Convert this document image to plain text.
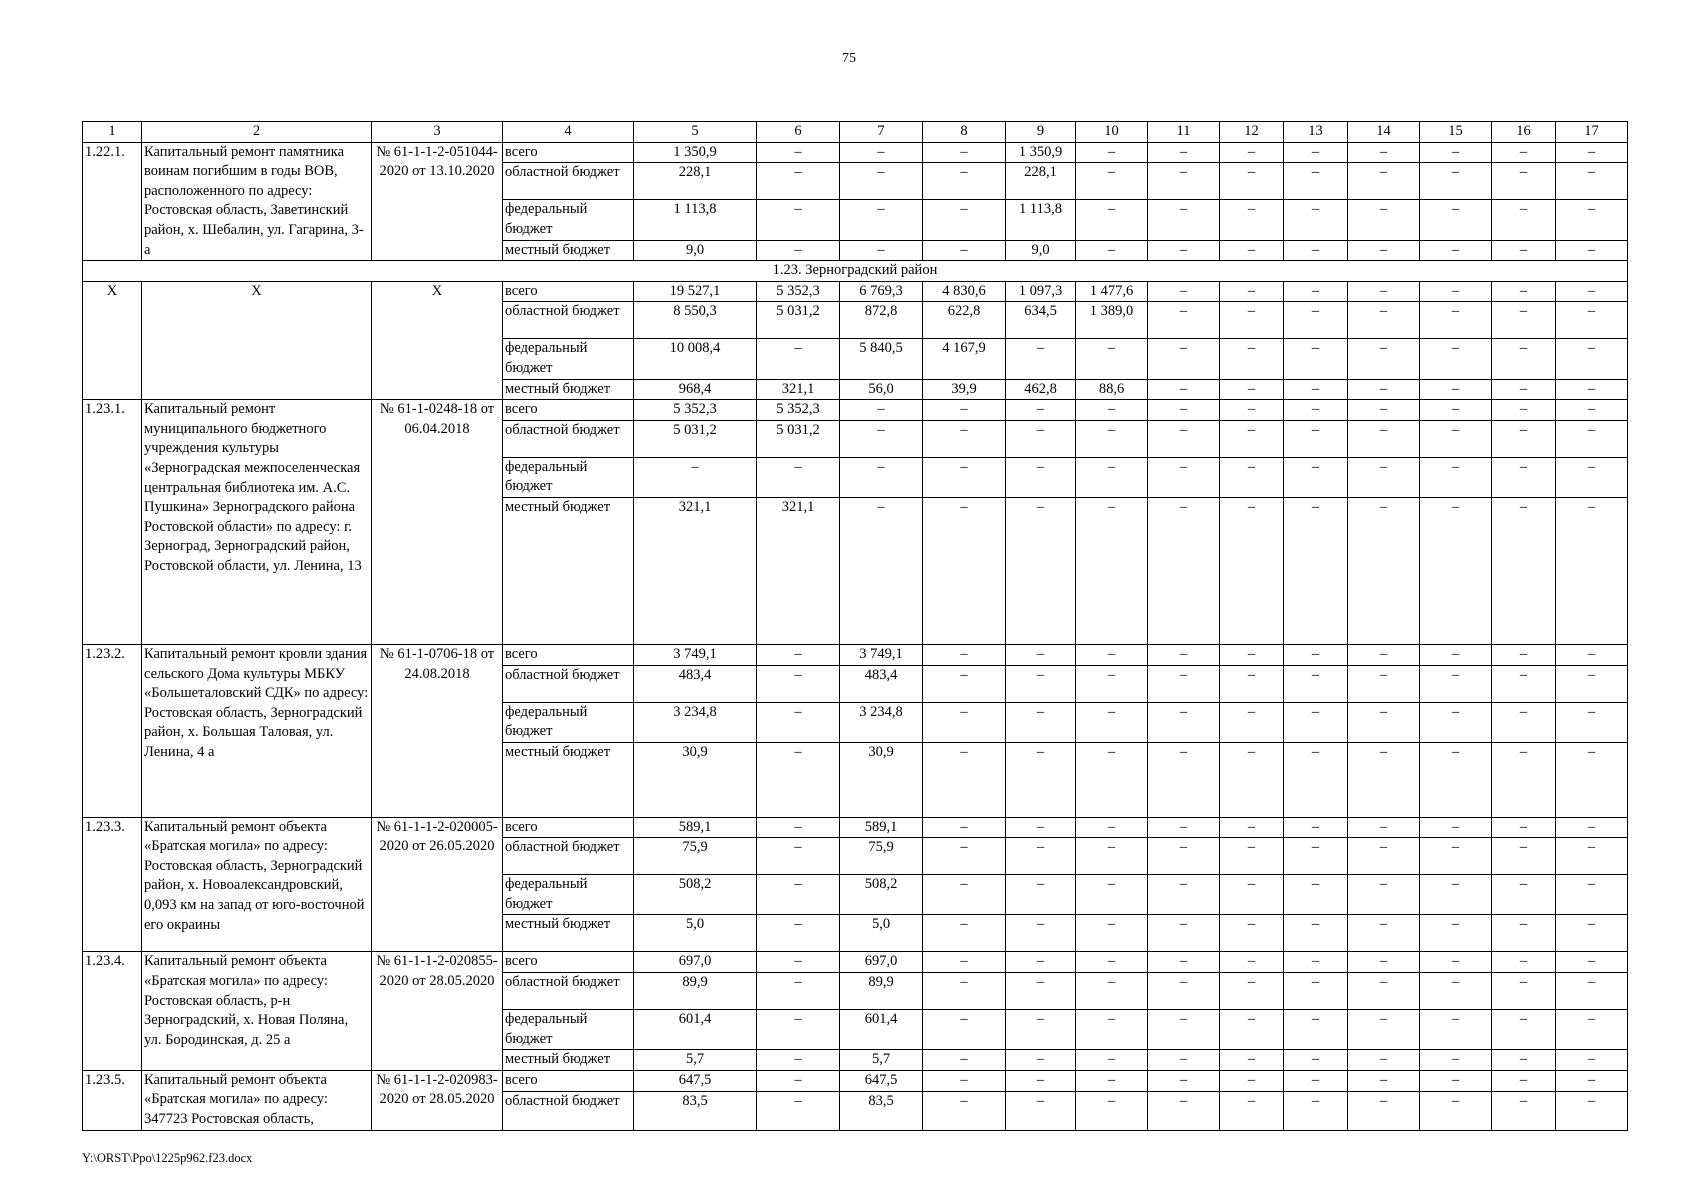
75
1	2	3	4	5	6	7	8	9	10	11	12	13	14	15	16	17
1.22.1.	Капитальный ремонт памятника воинам погибшим в годы ВОВ, расположенного по адресу: Ростовская область, Заветинский район, х. Шебалин, ул. Гагарина, 3-а	№ 61-1-1-2-051044-2020 от 13.10.2020	всего	1 350,9	–	–	–	1 350,9	–	–	–	–	–	–	–	–
			областной бюджет	228,1	–	–	–	228,1	–	–	–	–	–	–	–	–
			федеральный бюджет	1 113,8	–	–	–	1 113,8	–	–	–	–	–	–	–	–
			местный бюджет	9,0	–	–	–	9,0	–	–	–	–	–	–	–	–
1.23. Зерноградский район																
Х	Х	Х	всего	19 527,1	5 352,3	6 769,3	4 830,6	1 097,3	1 477,6	–	–	–	–	–	–	–
			областной бюджет	8 550,3	5 031,2	872,8	622,8	634,5	1 389,0	–	–	–	–	–	–	–
			федеральный бюджет	10 008,4	–	5 840,5	4 167,9	–	–	–	–	–	–	–	–	–
			местный бюджет	968,4	321,1	56,0	39,9	462,8	88,6	–	–	–	–	–	–	–
1.23.1.	Капитальный ремонт муниципального бюджетного учреждения культуры «Зерноградская межпоселенческая центральная библиотека им. А.С. Пушкина» Зерноградского района Ростовской области» по адресу: г. Зерноград, Зерноградский район, Ростовской области, ул. Ленина, 13	№ 61-1-0248-18 от 06.04.2018	всего	5 352,3	5 352,3	–	–	–	–	–	–	–	–	–	–	–
			областной бюджет	5 031,2	5 031,2	–	–	–	–	–	–	–	–	–	–	–
			федеральный бюджет	–	–	–	–	–	–	–	–	–	–	–	–	–
			местный бюджет	321,1	321,1	–	–	–	–	–	–	–	–	–	–	–
1.23.2.	Капитальный ремонт кровли здания сельского Дома культуры МБКУ «Большеталовский СДК» по адресу: Ростовская область, Зерноградский район, х. Большая Таловая, ул. Ленина, 4 а	№ 61-1-0706-18 от 24.08.2018	всего	3 749,1	–	3 749,1	–	–	–	–	–	–	–	–	–	–
			областной бюджет	483,4	–	483,4	–	–	–	–	–	–	–	–	–	–
			федеральный бюджет	3 234,8	–	3 234,8	–	–	–	–	–	–	–	–	–	–
			местный бюджет	30,9	–	30,9	–	–	–	–	–	–	–	–	–	–
1.23.3.	Капитальный ремонт объекта «Братская могила» по адресу: Ростовская область, Зерноградский район, х. Новоалександровский, 0,093 км на запад от юго-восточной его окраины	№ 61-1-1-2-020005-2020 от 26.05.2020	всего	589,1	–	589,1	–	–	–	–	–	–	–	–	–	–
			областной бюджет	75,9	–	75,9	–	–	–	–	–	–	–	–	–	–
			федеральный бюджет	508,2	–	508,2	–	–	–	–	–	–	–	–	–	–
			местный бюджет	5,0	–	5,0	–	–	–	–	–	–	–	–	–	–
1.23.4.	Капитальный ремонт объекта «Братская могила» по адресу: Ростовская область, р-н Зерноградский, х. Новая Поляна, ул. Бородинская, д. 25 а	№ 61-1-1-2-020855-2020 от 28.05.2020	всего	697,0	–	697,0	–	–	–	–	–	–	–	–	–	–
			областной бюджет	89,9	–	89,9	–	–	–	–	–	–	–	–	–	–
			федеральный бюджет	601,4	–	601,4	–	–	–	–	–	–	–	–	–	–
			местный бюджет	5,7	–	5,7	–	–	–	–	–	–	–	–	–	–
1.23.5.	Капитальный ремонт объекта «Братская могила» по адресу: 347723 Ростовская область,	№ 61-1-1-2-020983-2020 от 28.05.2020	всего	647,5	–	647,5	–	–	–	–	–	–	–	–	–	–
			областной бюджет	83,5	–	83,5	–	–	–	–	–	–	–	–	–	–
Y:\ORST\Ppo\1225p962.f23.docx
